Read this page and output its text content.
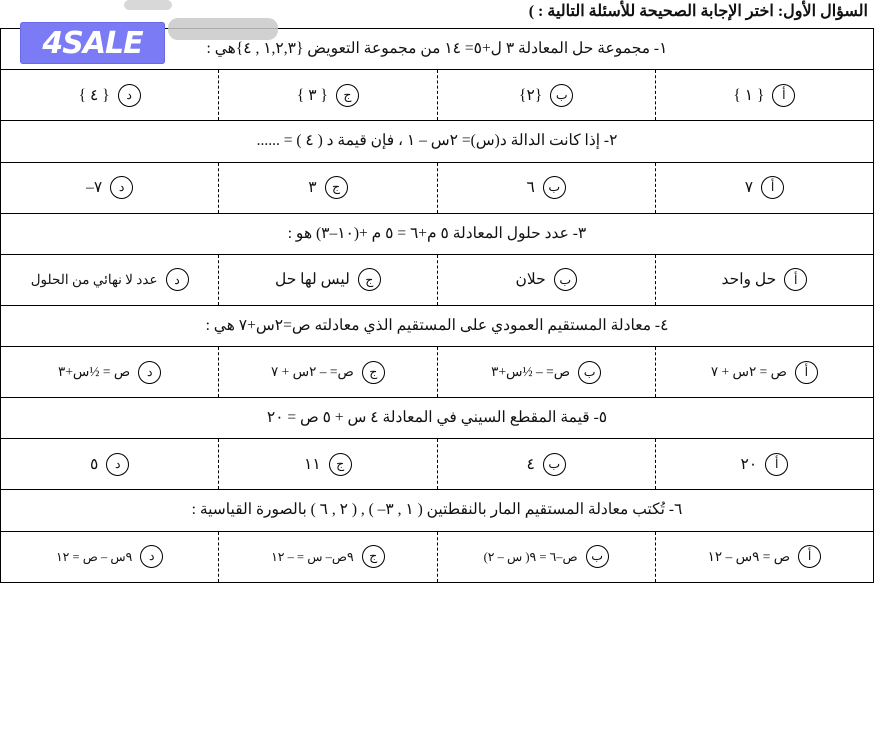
السؤال الأول: اختر الإجابة الصحيحة للأسئلة التالية : )
4SALE	١- مجموعة حل المعادلة ٣ ل+٥= ١٤ من مجموعة التعويض {١,٢,٣ , ٤}هي :
أ
{ ١ }
ب
{٢}
ج
{ ٣ }
د
{ ٤ }
٢- إذا كانت الدالة د(س)= ٢س – ١ ، فإن قيمة د ( ٤ ) = ......
أ
٧
ب
٦
ج
٣
د
٧–
٣- عدد حلول المعادلة ٥ م+٦ = ٥ م +(١٠–٣) هو :
أ
حل واحد
ب
حلان
ج
ليس لها حل
د
عدد لا نهائي من الحلول
٤- معادلة المستقيم العمودي على المستقيم الذي معادلته ص=٢س+٧ هي :
أ
ص = ٢س + ٧
ب
ص= – ½س+٣
ج
ص= – ٢س + ٧
د
ص = ½س+٣
٥- قيمة المقطع السيني في المعادلة ٤ س + ٥ ص = ٢٠
أ
٢٠
ب
٤
ج
١١
د
٥
٦- تُكتب معادلة المستقيم المار بالنقطتين ( ١ , ٣– ) , ( ٢ , ٦ ) بالصورة القياسية :
أ
ص = ٩س – ١٢
ب
ص–٦ = ٩( س – ٢)
ج
٩ص– س = – ١٢
د
٩س – ص = ١٢
